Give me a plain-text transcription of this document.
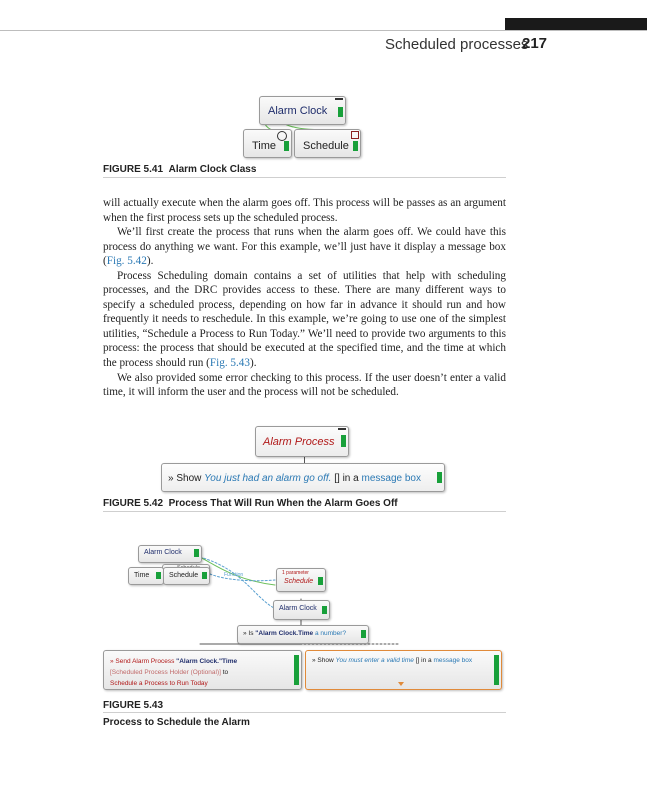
Scheduled processes
217
Alarm Clock
Time Schedule
FIGURE 5.41 Alarm Clock Class

will actually execute when the alarm goes off. This process will be passes as an argument when the first process sets up the scheduled process.

We’ll first create the process that runs when the alarm goes off. We could have this process do anything we want. For this example, we’ll just have it display a message box (Fig. 5.42).

Process Scheduling domain contains a set of utilities that help with scheduling processes, and the DRC provides access to these. There are many different ways to specify a scheduled process, depending on how far in advance it should run and how frequently it needs to reschedule. In this example, we’re going to use one of the simplest utilities, “Schedule a Process to Run Today.” We’ll need to provide two arguments to this process: the process that should be executed at the specified time, and the time at which the process should run (Fig. 5.43).

We also provided some error checking to this process. If the user doesn’t enter a valid time, it will inform the user and the process will not be scheduled.

Alarm Process
» Show You just had an alarm go off. [] in a message box
FIGURE 5.42 Process That Will Run When the Alarm Goes Off
Alarm Clock
Time	Schedule	Function	1 parameter
Schedule
Alarm Clock
» Is "Alarm Clock.Time a number?
» Send Alarm Process "Alarm Clock."Time
[Scheduled Process Holder (Optional)] to
Schedule a Process to Run Today
» Show You must enter a valid time [] in a message box
FIGURE 5.43
Process to Schedule the Alarm
